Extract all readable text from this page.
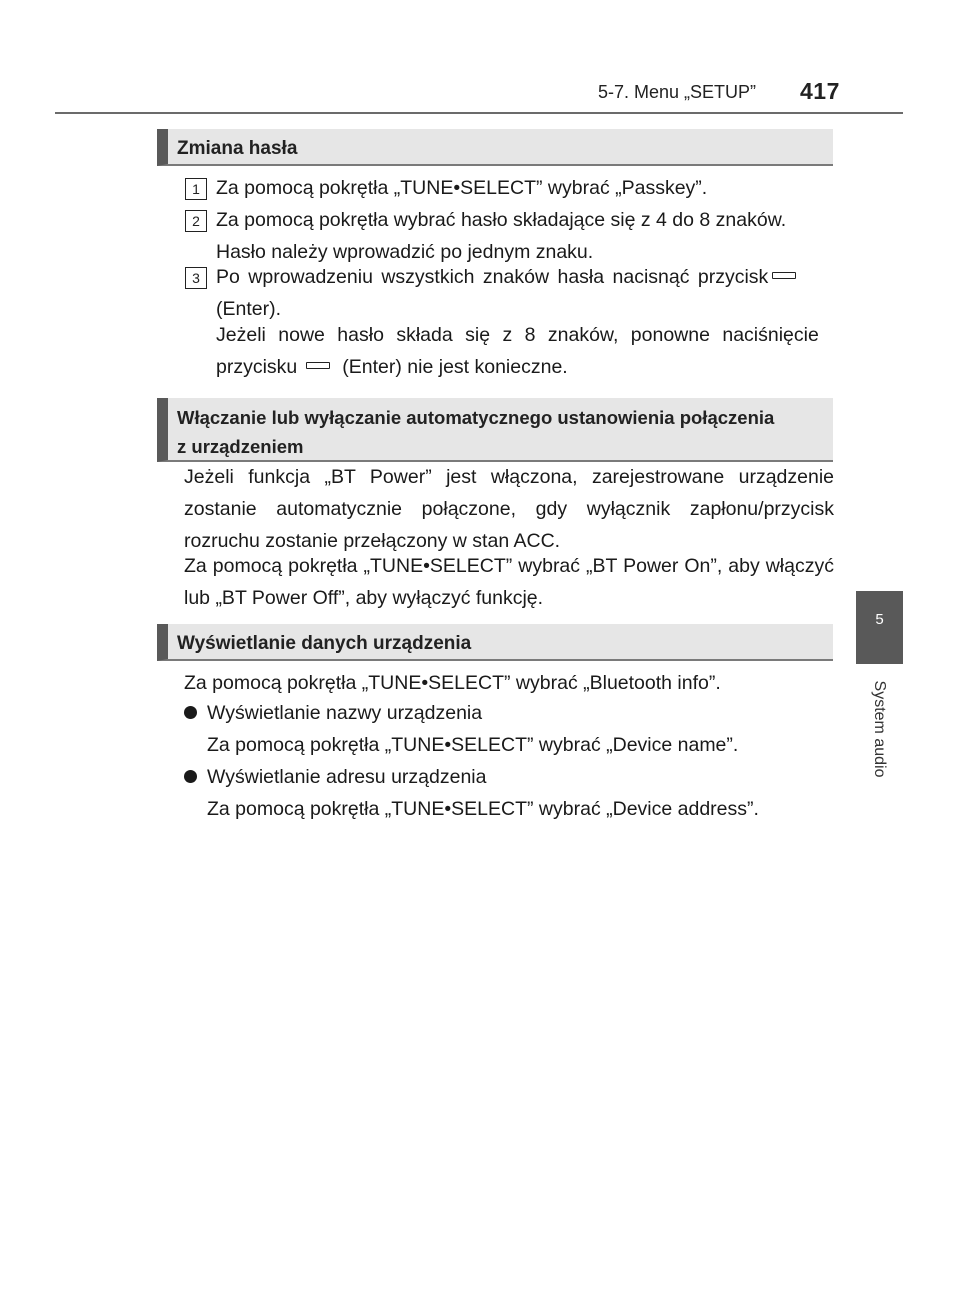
5-7. Menu „SETUP” 417
5
System audio
Zmiana hasła
1 Za pomocą pokrętła „TUNE•SELECT” wybrać „Passkey”.
2 Za pomocą pokrętła wybrać hasło składające się z 4 do 8 znaków.
Hasło należy wprowadzić po jednym znaku.
3 Po wprowadzeniu wszystkich znaków hasła nacisnąć przycisk
(Enter).
Jeżeli nowe hasło składa się z 8 znaków, ponowne naciśnięcie
przycisku (Enter) nie jest konieczne.
Włączanie lub wyłączanie automatycznego ustanowienia połączenia
z urządzeniem
Jeżeli funkcja „BT Power” jest włączona, zarejestrowane urządzenie zostanie automatycznie połączone, gdy wyłącznik zapłonu/przycisk rozruchu zostanie przełączony w stan ACC.
Za pomocą pokrętła „TUNE•SELECT” wybrać „BT Power On”, aby włączyć lub „BT Power Off”, aby wyłączyć funkcję.
Wyświetlanie danych urządzenia
Za pomocą pokrętła „TUNE•SELECT” wybrać „Bluetooth info”.
Wyświetlanie nazwy urządzenia
Za pomocą pokrętła „TUNE•SELECT” wybrać „Device name”.
Wyświetlanie adresu urządzenia
Za pomocą pokrętła „TUNE•SELECT” wybrać „Device address”.
